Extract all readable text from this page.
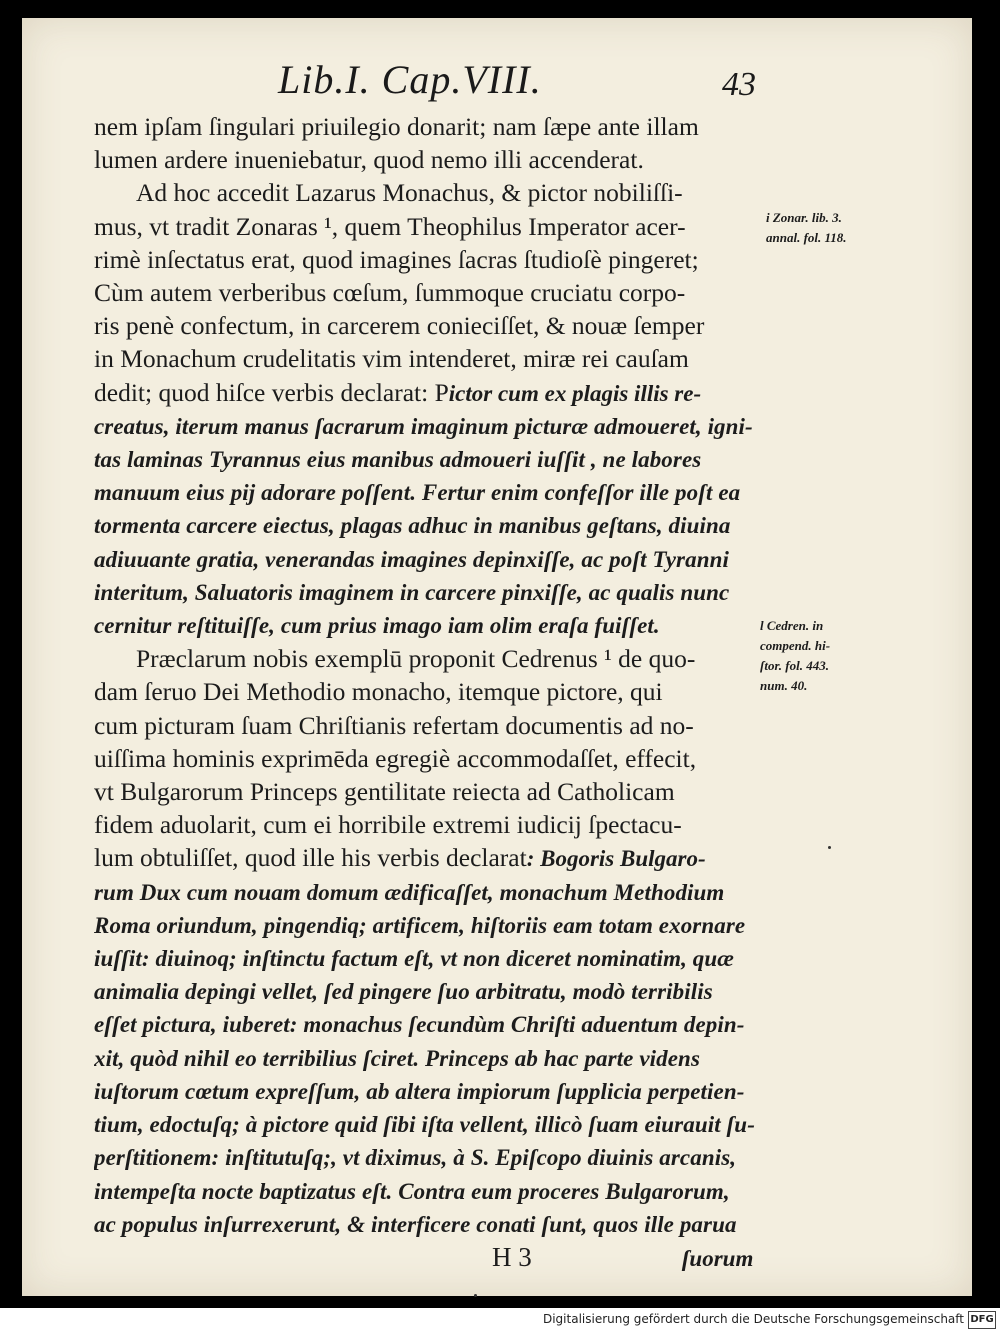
Lib.I. Cap.VIII.	43
nem ipſam ſingulari priuilegio donarit; nam ſæpe ante illam
lumen ardere inueniebatur, quod nemo illi accenderat.
Ad hoc accedit Lazarus Monachus, & pictor nobiliſſi-
mus, vt tradit Zonaras ¹, quem Theophilus Imperator acer-
rimè inſectatus erat, quod imagines ſacras ſtudioſè pingeret;
Cùm autem verberibus cœſum, ſummoque cruciatu corpo-
ris penè confectum, in carcerem conieciſſet, & nouæ ſemper
in Monachum crudelitatis vim intenderet, miræ rei cauſam
dedit; quod hiſce verbis declarat: Pictor cum ex plagis illis re-
creatus, iterum manus ſacrarum imaginum picturæ admoueret, igni-
tas laminas Tyrannus eius manibus admoueri iuſſit , ne labores
manuum eius pij adorare poſſent. Fertur enim confeſſor ille poſt ea
tormenta carcere eiectus, plagas adhuc in manibus geſtans, diuina
adiuuante gratia, venerandas imagines depinxiſſe, ac poſt Tyranni
interitum, Saluatoris imaginem in carcere pinxiſſe, ac qualis nunc
cernitur reſtituiſſe, cum prius imago iam olim eraſa fuiſſet.
Præclarum nobis exemplū proponit Cedrenus ¹ de quo-
dam ſeruo Dei Methodio monacho, itemque pictore, qui
cum picturam ſuam Chriſtianis refertam documentis ad no-
uiſſima hominis exprimēda egregiè accommodaſſet, effecit,
vt Bulgarorum Princeps gentilitate reiecta ad Catholicam
fidem aduolarit, cum ei horribile extremi iudicij ſpectacu-
lum obtuliſſet, quod ille his verbis declarat: Bogoris Bulgaro-
rum Dux cum nouam domum ædificaſſet, monachum Methodium
Roma oriundum, pingendiq; artificem, hiſtoriis eam totam exornare
iuſſit: diuinoq; inſtinctu factum eſt, vt non diceret nominatim, quæ
animalia depingi vellet, ſed pingere ſuo arbitratu, modò terribilis
eſſet pictura, iuberet: monachus ſecundùm Chriſti aduentum depin-
xit, quòd nihil eo terribilius ſciret. Princeps ab hac parte videns
iuſtorum cœtum expreſſum, ab altera impiorum ſupplicia perpetien-
tium, edoctuſq; à pictore quid ſibi iſta vellent, illicò ſuam eiurauit ſu-
perſtitionem: inſtitutuſq;, vt diximus, à S. Epiſcopo diuinis arcanis,
intempeſta nocte baptizatus eſt. Contra eum proceres Bulgarorum,
ac populus inſurrexerunt, & interficere conati ſunt, quos ille parua
H 3	ſuorum
i Zonar. lib. 3.
annal. fol. 118.
l Cedren. in
compend. hi-
ſtor. fol. 443.
num. 40.
Digitalisierung gefördert durch die Deutsche Forschungsgemeinschaft DFG
